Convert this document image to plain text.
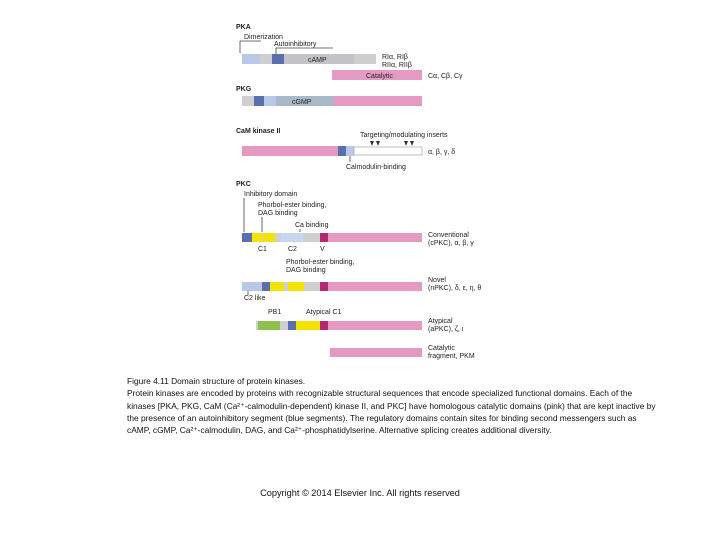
PKA
Dimerization
Autoinhibitory
cAMP	RIα, RIβ
RIIα, RIIβ
Catalytic	Cα, Cβ, Cγ
PKG
cGMP
CaM kinase II
Targeting/modulating inserts
α, β, γ, δ
Calmodulin-binding
PKC
Inhibitory domain
Phorbol-ester binding,
DAG binding
Ca binding
C1	C2	V
Conventional
(cPKC), α, β, γ
Phorbol-ester binding,
DAG binding
C2 like
Novel
(nPKC), δ, ε, η, θ
PB1	Atypical C1
Atypical
(aPKC), ζ, ι
Catalytic
fragment, PKM

Figure 4.11 Domain structure of protein kinases.

Protein kinases are encoded by proteins with recognizable structural sequences that encode specialized functional domains. Each of the kinases [PKA, PKG, CaM (Ca²⁺-calmodulin-dependent) kinase II, and PKC] have homologous catalytic domains (pink) that are kept inactive by the presence of an autoinhibitory segment (blue segments). The regulatory domains contain sites for binding second messengers such as cAMP, cGMP, Ca²⁺-calmodulin, DAG, and Ca²⁺-phosphatidylserine. Alternative splicing creates additional diversity.

Copyright © 2014 Elsevier Inc. All rights reserved
